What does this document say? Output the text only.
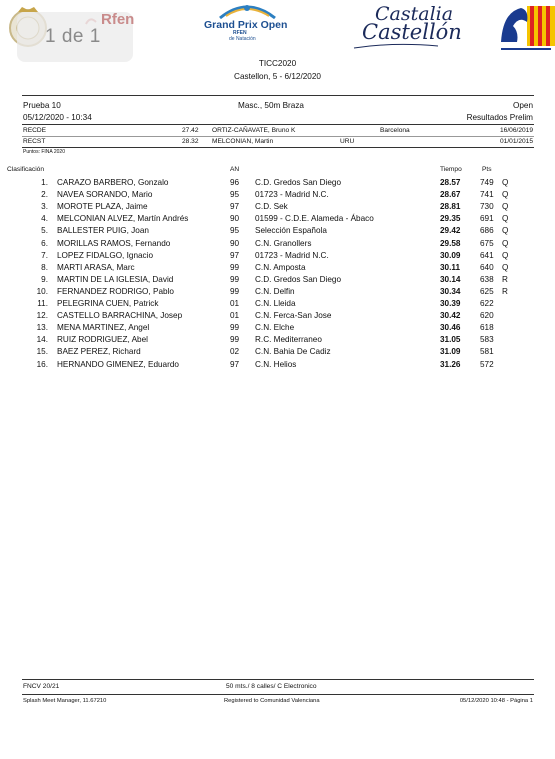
1 de 1
Rfen	Grand Prix Open
RFEN
de Natación
Castalia
Castellón
TICC2020
Castellon, 5 - 6/12/2020
Prueba 10	Masc., 50m Braza	Open
05/12/2020 - 10:34	Resultados Prelim
RECDE	27.42 ORTIZ-CAÑAVATE, Bruno K	Barcelona	16/06/2019
RECST	28.32 MELCONIAN, Martin	URU	01/01/2015
Puntos: FINA 2020
Clasificación	AN	Tiempo	Pts
1. CARAZO BARBERO, Gonzalo	96 C.D. Gredos San Diego	28.57 749 Q
2. NAVEA SORANDO, Mario	95 01723 - Madrid N.C.	28.67 741 Q
3. MOROTE PLAZA, Jaime	97 C.D. Sek	28.81 730 Q
4. MELCONIAN ALVEZ, Martín Andrés	90 01599 - C.D.E. Alameda - Ábaco	29.35 691 Q
5. BALLESTER PUIG, Joan	95 Selección Española	29.42 686 Q
6. MORILLAS RAMOS, Fernando	90 C.N. Granollers	29.58 675 Q
7. LOPEZ FIDALGO, Ignacio	97 01723 - Madrid N.C.	30.09 641 Q
8. MARTI ARASA, Marc	99 C.N. Amposta	30.11 640 Q
9. MARTIN DE LA IGLESIA, David	99 C.D. Gredos San Diego	30.14 638 R
10. FERNANDEZ RODRIGO, Pablo	99 C.N. Delfin	30.34 625 R
11. PELEGRINA CUEN, Patrick	01 C.N. Lleida	30.39 622
12. CASTELLO BARRACHINA, Josep	01 C.N. Ferca-San Jose	30.42 620
13. MENA MARTINEZ, Angel	99 C.N. Elche	30.46 618
14. RUIZ RODRIGUEZ, Abel	99 R.C. Mediterraneo	31.05 583
15. BAEZ PEREZ, Richard	02 C.N. Bahia De Cadiz	31.09 581
16. HERNANDO GIMENEZ, Eduardo	97 C.N. Helios	31.26 572
FNCV 20/21	50 mts./ 8 calles/ C Electronico
Splash Meet Manager, 11.67210	Registered to Comunidad Valenciana	05/12/2020 10:48 - Página 1
